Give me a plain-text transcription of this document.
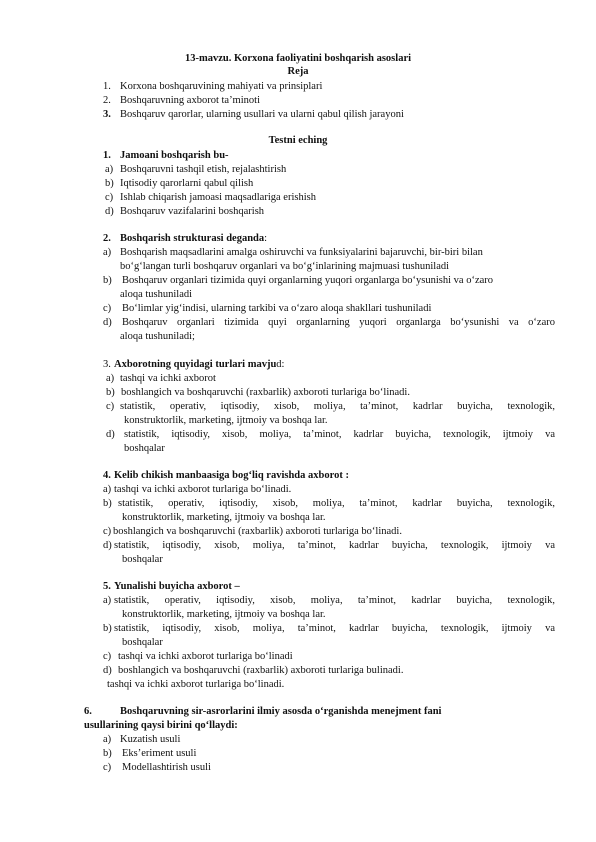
13-mavzu. Korxona faoliyatini boshqarish asoslari
Reja
1. Korxona boshqaruvining mahiyati va prinsiplari
2. Boshqaruvning axborot ta’minoti
3. Boshqaruv qarorlar, ularning usullari va ularni qabul qilish jarayoni
Testni eching
1. Jamoani boshqarish bu-
a) Boshqaruvni tashqil etish, rejalashtirish
b) Iqtisodiy qarorlarni qabul qilish
c) Ishlab chiqarish jamoasi maqsadlariga erishish
d) Boshqaruv vazifalarini boshqarish
2. Boshqarish strukturasi deganda:
a) Boshqarish maqsadlarini amalga oshiruvchi va funksiyalarini bajaruvchi, bir-biri bilan
bo‘g‘langan turli boshqaruv organlari va bo‘g‘inlarining majmuasi tushuniladi
b) Boshqaruv organlari tizimida quyi organlarning yuqori organlarga bo‘ysunishi va o‘zaro
aloqa tushuniladi
c) Bo‘limlar yig‘indisi, ularning tarkibi va o‘zaro aloqa shakllari tushuniladi
d) Boshqaruv organlari tizimida quyi organlarning yuqori organlarga bo‘ysunishi va o‘zaro
aloqa tushuniladi;
3. Axborotning quyidagi turlari mavjud:
a) tashqi va ichki axborot
b) boshlangich va boshqaruvchi (raxbarlik) axboroti turlariga bo‘linadi.
c) statistik, operativ, iqtisodiy, xisob, moliya, ta’minot, kadrlar buyicha, texnologik,
konstruktorlik, marketing, ijtmoiy va boshqa lar.
d) statistik, iqtisodiy, xisob, moliya, ta’minot, kadrlar buyicha, texnologik, ijtmoiy va
boshqalar
4. Kelib chikish manbaasiga bog‘liq ravishda axborot :
a) tashqi va ichki axborot turlariga bo‘linadi.
b) statistik, operativ, iqtisodiy, xisob, moliya, ta’minot, kadrlar buyicha, texnologik,
konstruktorlik, marketing, ijtmoiy va boshqa lar.
c) boshlangich va boshqaruvchi (raxbarlik) axboroti turlariga bo‘linadi.
d) statistik, iqtisodiy, xisob, moliya, ta’minot, kadrlar buyicha, texnologik, ijtmoiy va
boshqalar
5. Yunalishi buyicha axborot –
a) statistik, operativ, iqtisodiy, xisob, moliya, ta’minot, kadrlar buyicha, texnologik,
konstruktorlik, marketing, ijtmoiy va boshqa lar.
b) statistik, iqtisodiy, xisob, moliya, ta’minot, kadrlar buyicha, texnologik, ijtmoiy va
boshqalar
c) tashqi va ichki axborot turlariga bo‘linadi
d) boshlangich va boshqaruvchi (raxbarlik) axboroti turlariga bulinadi.
tashqi va ichki axborot turlariga bo‘linadi.
6.	Boshqaruvning sir-asrorlarini ilmiy asosda o‘rganishda menejment fani
usullarining qaysi birini qo‘llaydi:
a) Kuzatish usuli
b) Eks’eriment usuli
c) Modellashtirish usuli
